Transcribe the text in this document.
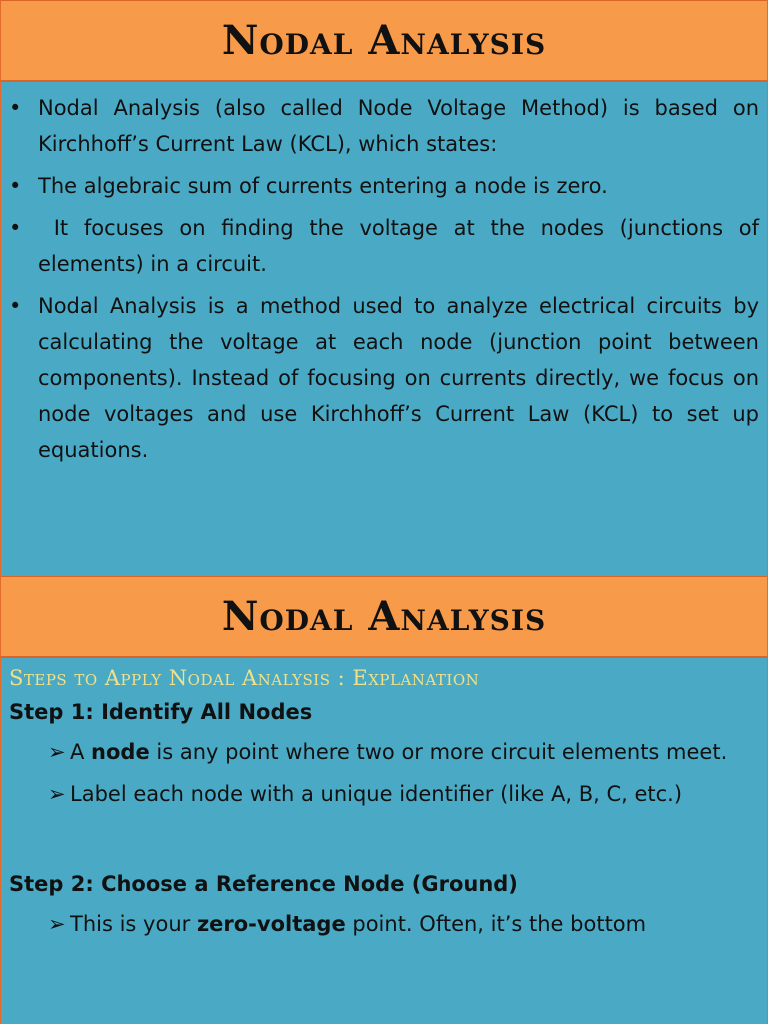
Nodal Analysis
• Nodal Analysis (also called Node Voltage Method) is based on Kirchhoff’s Current Law (KCL), which states:
• The algebraic sum of currents entering a node is zero.
• It focuses on finding the voltage at the nodes (junctions of elements) in a circuit.
• Nodal Analysis is a method used to analyze electrical circuits by calculating the voltage at each node (junction point between components). Instead of focusing on currents directly, we focus on node voltages and use Kirchhoff’s Current Law (KCL) to set up equations.
Nodal Analysis
Steps to Apply Nodal Analysis : Explanation
Step 1: Identify All Nodes
➢ A node is any point where two or more circuit elements meet.
➢ Label each node with a unique identifier (like A, B, C, etc.)
Step 2: Choose a Reference Node (Ground)
➢ This is your zero-voltage point. Often, it’s the bottom
